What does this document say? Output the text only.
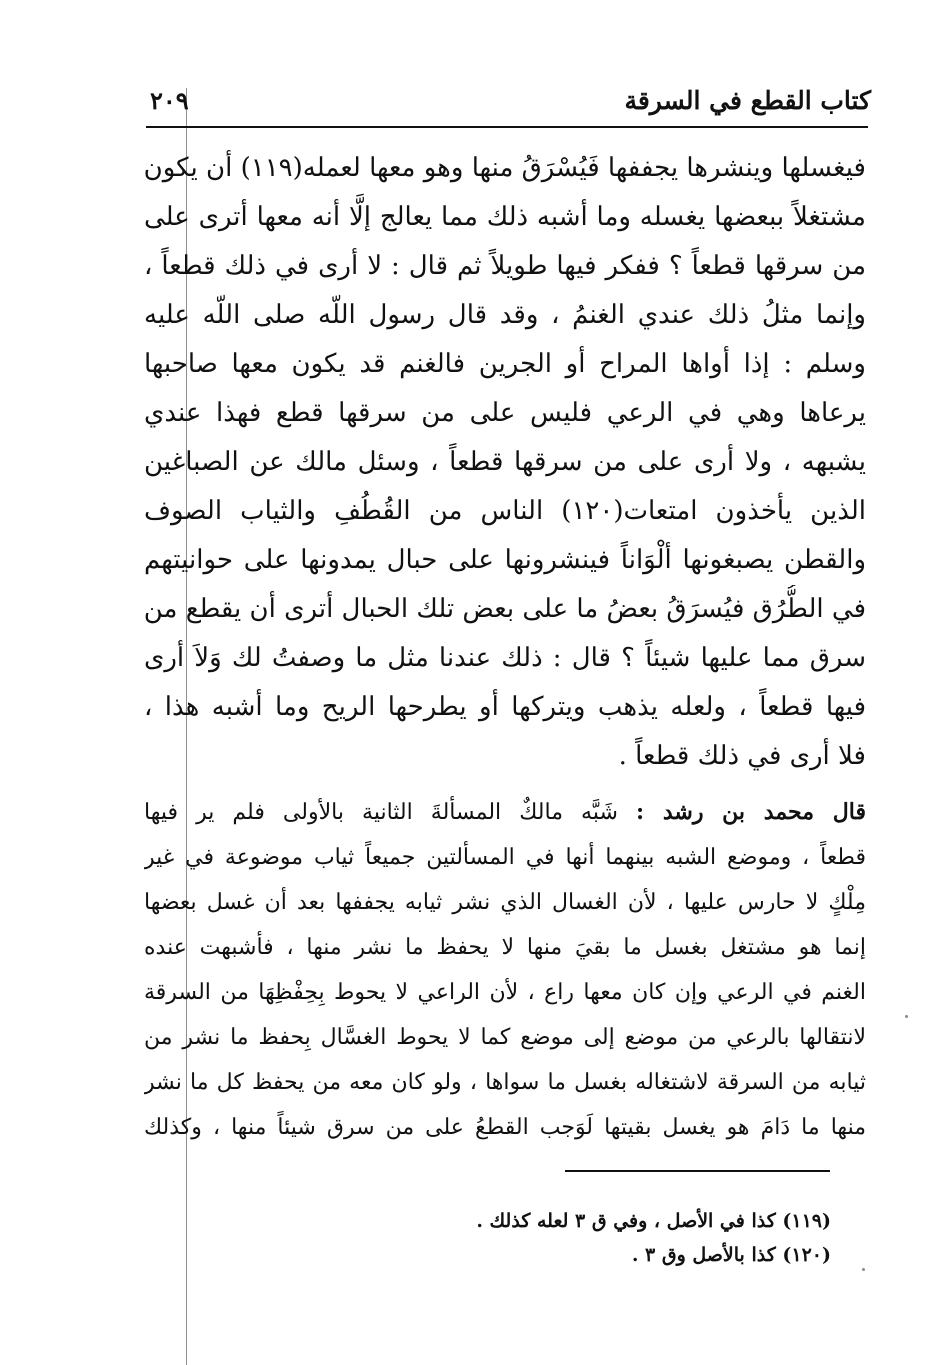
كتاب القطع في السرقة
٢٠٩
فيغسلها وينشرها يجففها فَيُسْرَقُ منها وهو معها لعمله(١١٩) أن يكون
مشتغلاً ببعضها يغسله وما أشبه ذلك مما يعالج إلَّا أنه معها أترى على
من سرقها قطعاً ؟ ففكر فيها طويلاً ثم قال : لا أرى في ذلك قطعاً ،
وإنما مثلُ ذلك عندي الغنمُ ، وقد قال رسول اللّه صلى اللّه عليه
وسلم : إذا أواها المراح أو الجرين فالغنم قد يكون معها صاحبها
يرعاها وهي في الرعي فليس على من سرقها قطع فهذا عندي
يشبهه ، ولا أرى على من سرقها قطعاً ، وسئل مالك عن الصباغين
الذين يأخذون امتعات(١٢٠) الناس من القُطُفِ والثياب الصوف
والقطن يصبغونها ألْوَاناً فينشرونها على حبال يمدونها على حوانيتهم
في الطُّرُق فيُسرَقُ بعضُ ما على بعض تلك الحبال أترى أن يقطع من
سرق مما عليها شيئاً ؟ قال : ذلك عندنا مثل ما وصفتُ لك وَلاَ أرى
فيها قطعاً ، ولعله يذهب ويتركها أو يطرحها الريح وما أشبه هذا ،
فلا أرى في ذلك قطعاً .
قال محمد بن رشد : شَبَّه مالكٌ المسألةَ الثانية بالأولى فلم ير فيها
قطعاً ، وموضع الشبه بينهما أنها في المسألتين جميعاً ثياب موضوعة في غير
مِلْكٍ لا حارس عليها ، لأن الغسال الذي نشر ثيابه يجففها بعد أن غسل بعضها
إنما هو مشتغل بغسل ما بقيَ منها لا يحفظ ما نشر منها ، فأشبهت عنده
الغنم في الرعي وإن كان معها راع ، لأن الراعي لا يحوط بِحِفْظِهَا من السرقة
لانتقالها بالرعي من موضع إلى موضع كما لا يحوط الغسَّال بِحفظ ما نشر من
ثيابه من السرقة لاشتغاله بغسل ما سواها ، ولو كان معه من يحفظ كل ما نشر
منها ما دَامَ هو يغسل بقيتها لَوَجب القطعُ على من سرق شيئاً منها ، وكذلك
(١١٩) كذا في الأصل ، وفي ق ٣ لعله كذلك .
(١٢٠) كذا بالأصل وق ٣ .
